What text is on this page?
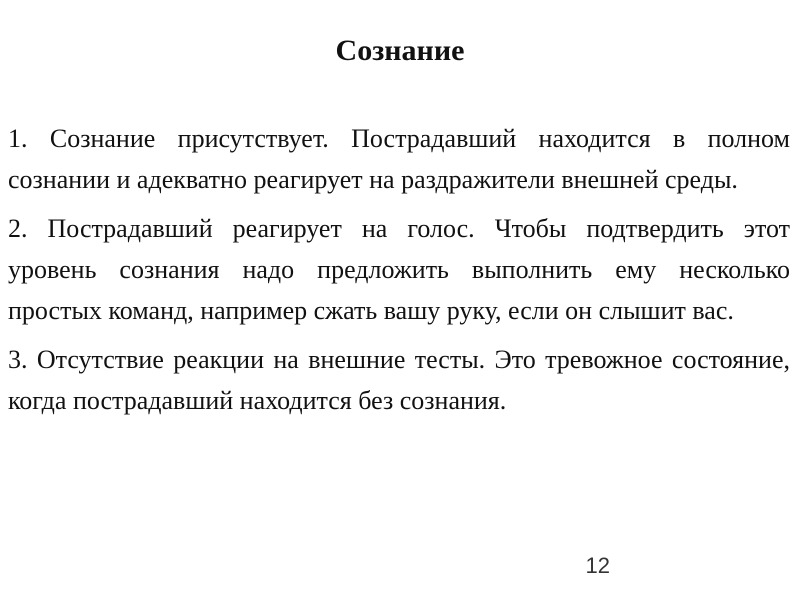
Сознание

1. Сознание присутствует. Пострадавший находится в полном сознании и адекватно реагирует на раздражители внешней среды.

2. Пострадавший реагирует на голос. Чтобы подтвердить этот уровень сознания надо предложить выполнить ему несколько простых команд, например сжать вашу руку, если он слышит вас.

3. Отсутствие реакции на внешние тесты. Это тревожное состояние, когда пострадавший находится без сознания.

12
